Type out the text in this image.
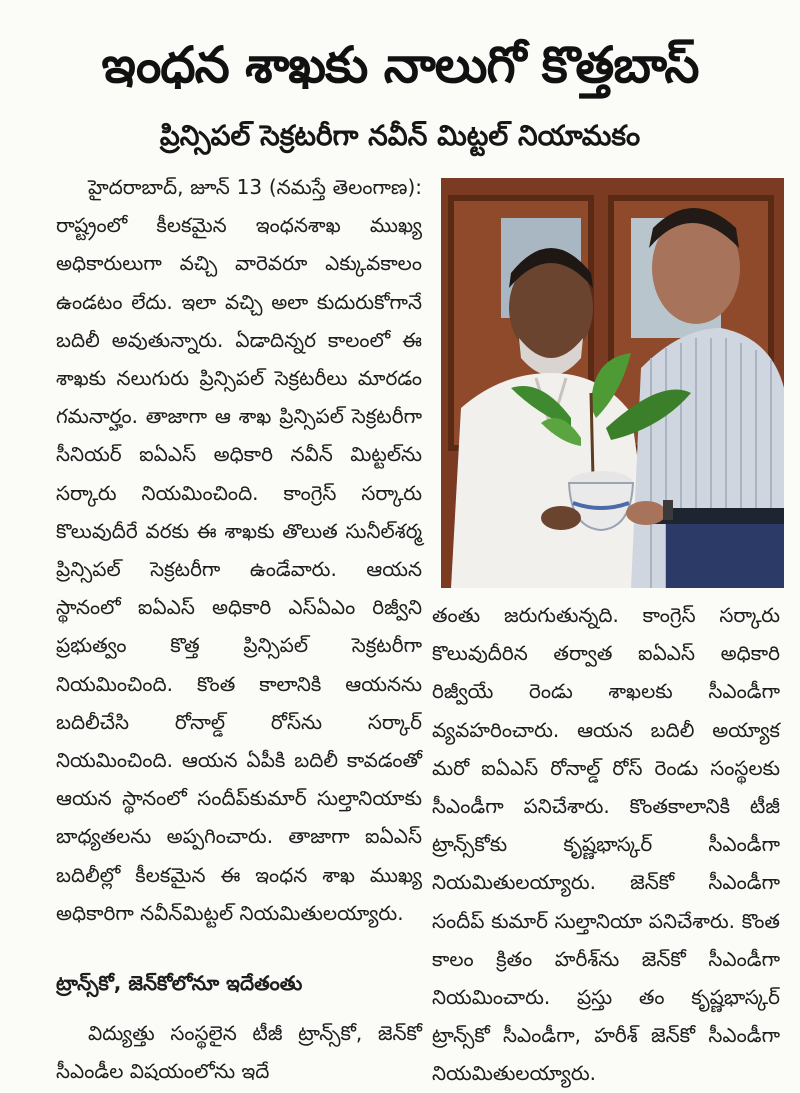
ఇంధన శాఖకు నాలుగో కొత్తబాస్
ప్రిన్సిపల్ సెక్రటరీగా నవీన్ మిట్టల్ నియామకం

హైదరాబాద్, జూన్ 13 (నమస్తే తెలంగాణ): రాష్ట్రంలో కీలకమైన ఇంధనశాఖ ముఖ్య అధికారులుగా వచ్చి వారెవరూ ఎక్కువకాలం ఉండటం లేదు. ఇలా వచ్చి అలా కుదురుకోగానే బదిలీ అవుతున్నారు. ఏడాదిన్నర కాలంలో ఈ శాఖకు నలుగురు ప్రిన్సిపల్ సెక్రటరీలు మారడం గమనార్హం. తాజాగా ఆ శాఖ ప్రిన్సిపల్ సెక్రటరీగా సీనియర్ ఐఏఎస్ అధికారి నవీన్ మిట్టల్‌ను సర్కారు నియమించింది. కాంగ్రెస్ సర్కారు కొలువుదీరే వరకు ఈ శాఖకు తొలుత సునీల్‌శర్మ ప్రిన్సిపల్ సెక్రటరీగా ఉండేవారు. ఆయన స్థానంలో ఐఏఎస్ అధికారి ఎస్ఏఎం రిజ్వీని ప్రభుత్వం కొత్త ప్రిన్సిపల్ సెక్రటరీగా నియమించింది. కొంత కాలానికి ఆయనను బదిలీచేసి రోనాల్డ్ రోస్‌ను సర్కార్ నియమించింది. ఆయన ఏపీకి బదిలీ కావడంతో ఆయన స్థానంలో సందీప్‌కుమార్ సుల్తానియాకు బాధ్యతలను అప్పగించారు. తాజాగా ఐఏఎస్ బదిలీల్లో కీలకమైన ఈ ఇంధన శాఖ ముఖ్య అధికారిగా నవీన్‌మిట్టల్ నియమితులయ్యారు.

ట్రాన్స్‌కో, జెన్‌కోలోనూ ఇదేతంతు

విద్యుత్తు సంస్థలైన టీజీ ట్రాన్స్‌కో, జెన్‌కో సీఎండీల విషయంలోను ఇదే

తంతు జరుగుతున్నది. కాంగ్రెస్ సర్కారు కొలువుదీరిన తర్వాత ఐఏఎస్ అధికారి రిజ్వీయే రెండు శాఖలకు సీఎండీగా వ్యవహరించారు. ఆయన బదిలీ అయ్యాక మరో ఐఏఎస్ రోనాల్డ్ రోస్ రెండు సంస్థలకు సీఎండీగా పనిచేశారు. కొంతకాలానికి టీజీ ట్రాన్స్‌కోకు కృష్ణభాస్కర్ సీఎండీగా నియమితులయ్యారు. జెన్‌కో సీఎండీగా సందీప్ కుమార్ సుల్తానియా పనిచేశారు. కొంత కాలం క్రితం హరీశ్‌ను జెన్‌కో సీఎండీగా నియమించారు. ప్రస్తు తం కృష్ణభాస్కర్ ట్రాన్స్‌కో సీఎండీగా, హరీశ్ జెన్‌కో సీఎండీగా నియమితులయ్యారు.
